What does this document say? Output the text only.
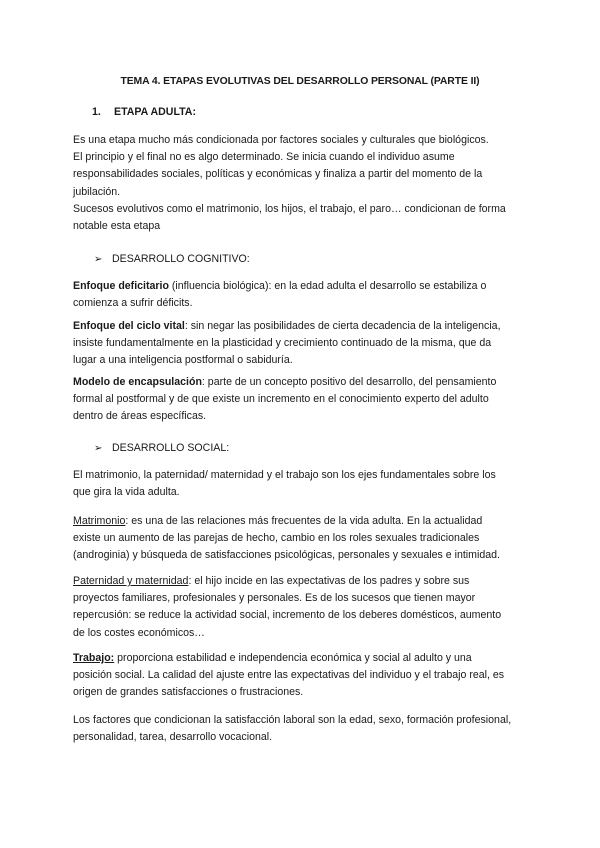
TEMA 4. ETAPAS EVOLUTIVAS DEL DESARROLLO PERSONAL (PARTE II)
1. ETAPA ADULTA:

Es una etapa mucho más condicionada por factores sociales y culturales que biológicos.
El principio y el final no es algo determinado. Se inicia cuando el individuo asume
responsabilidades sociales, políticas y económicas y finaliza a partir del momento de la
jubilación.
Sucesos evolutivos como el matrimonio, los hijos, el trabajo, el paro… condicionan de forma
notable esta etapa

➢ DESARROLLO COGNITIVO:

Enfoque deficitario (influencia biológica): en la edad adulta el desarrollo se estabiliza o
comienza a sufrir déficits.

Enfoque del ciclo vital: sin negar las posibilidades de cierta decadencia de la inteligencia,
insiste fundamentalmente en la plasticidad y crecimiento continuado de la misma, que da
lugar a una inteligencia postformal o sabiduría.

Modelo de encapsulación: parte de un concepto positivo del desarrollo, del pensamiento
formal al postformal y de que existe un incremento en el conocimiento experto del adulto
dentro de áreas específicas.

➢ DESARROLLO SOCIAL:

El matrimonio, la paternidad/ maternidad y el trabajo son los ejes fundamentales sobre los
que gira la vida adulta.

Matrimonio: es una de las relaciones más frecuentes de la vida adulta. En la actualidad
existe un aumento de las parejas de hecho, cambio en los roles sexuales tradicionales
(androginia) y búsqueda de satisfacciones psicológicas, personales y sexuales e intimidad.

Paternidad y maternidad: el hijo incide en las expectativas de los padres y sobre sus
proyectos familiares, profesionales y personales. Es de los sucesos que tienen mayor
repercusión: se reduce la actividad social, incremento de los deberes domésticos, aumento
de los costes económicos…

Trabajo: proporciona estabilidad e independencia económica y social al adulto y una
posición social. La calidad del ajuste entre las expectativas del individuo y el trabajo real, es
origen de grandes satisfacciones o frustraciones.

Los factores que condicionan la satisfacción laboral son la edad, sexo, formación profesional,
personalidad, tarea, desarrollo vocacional.
